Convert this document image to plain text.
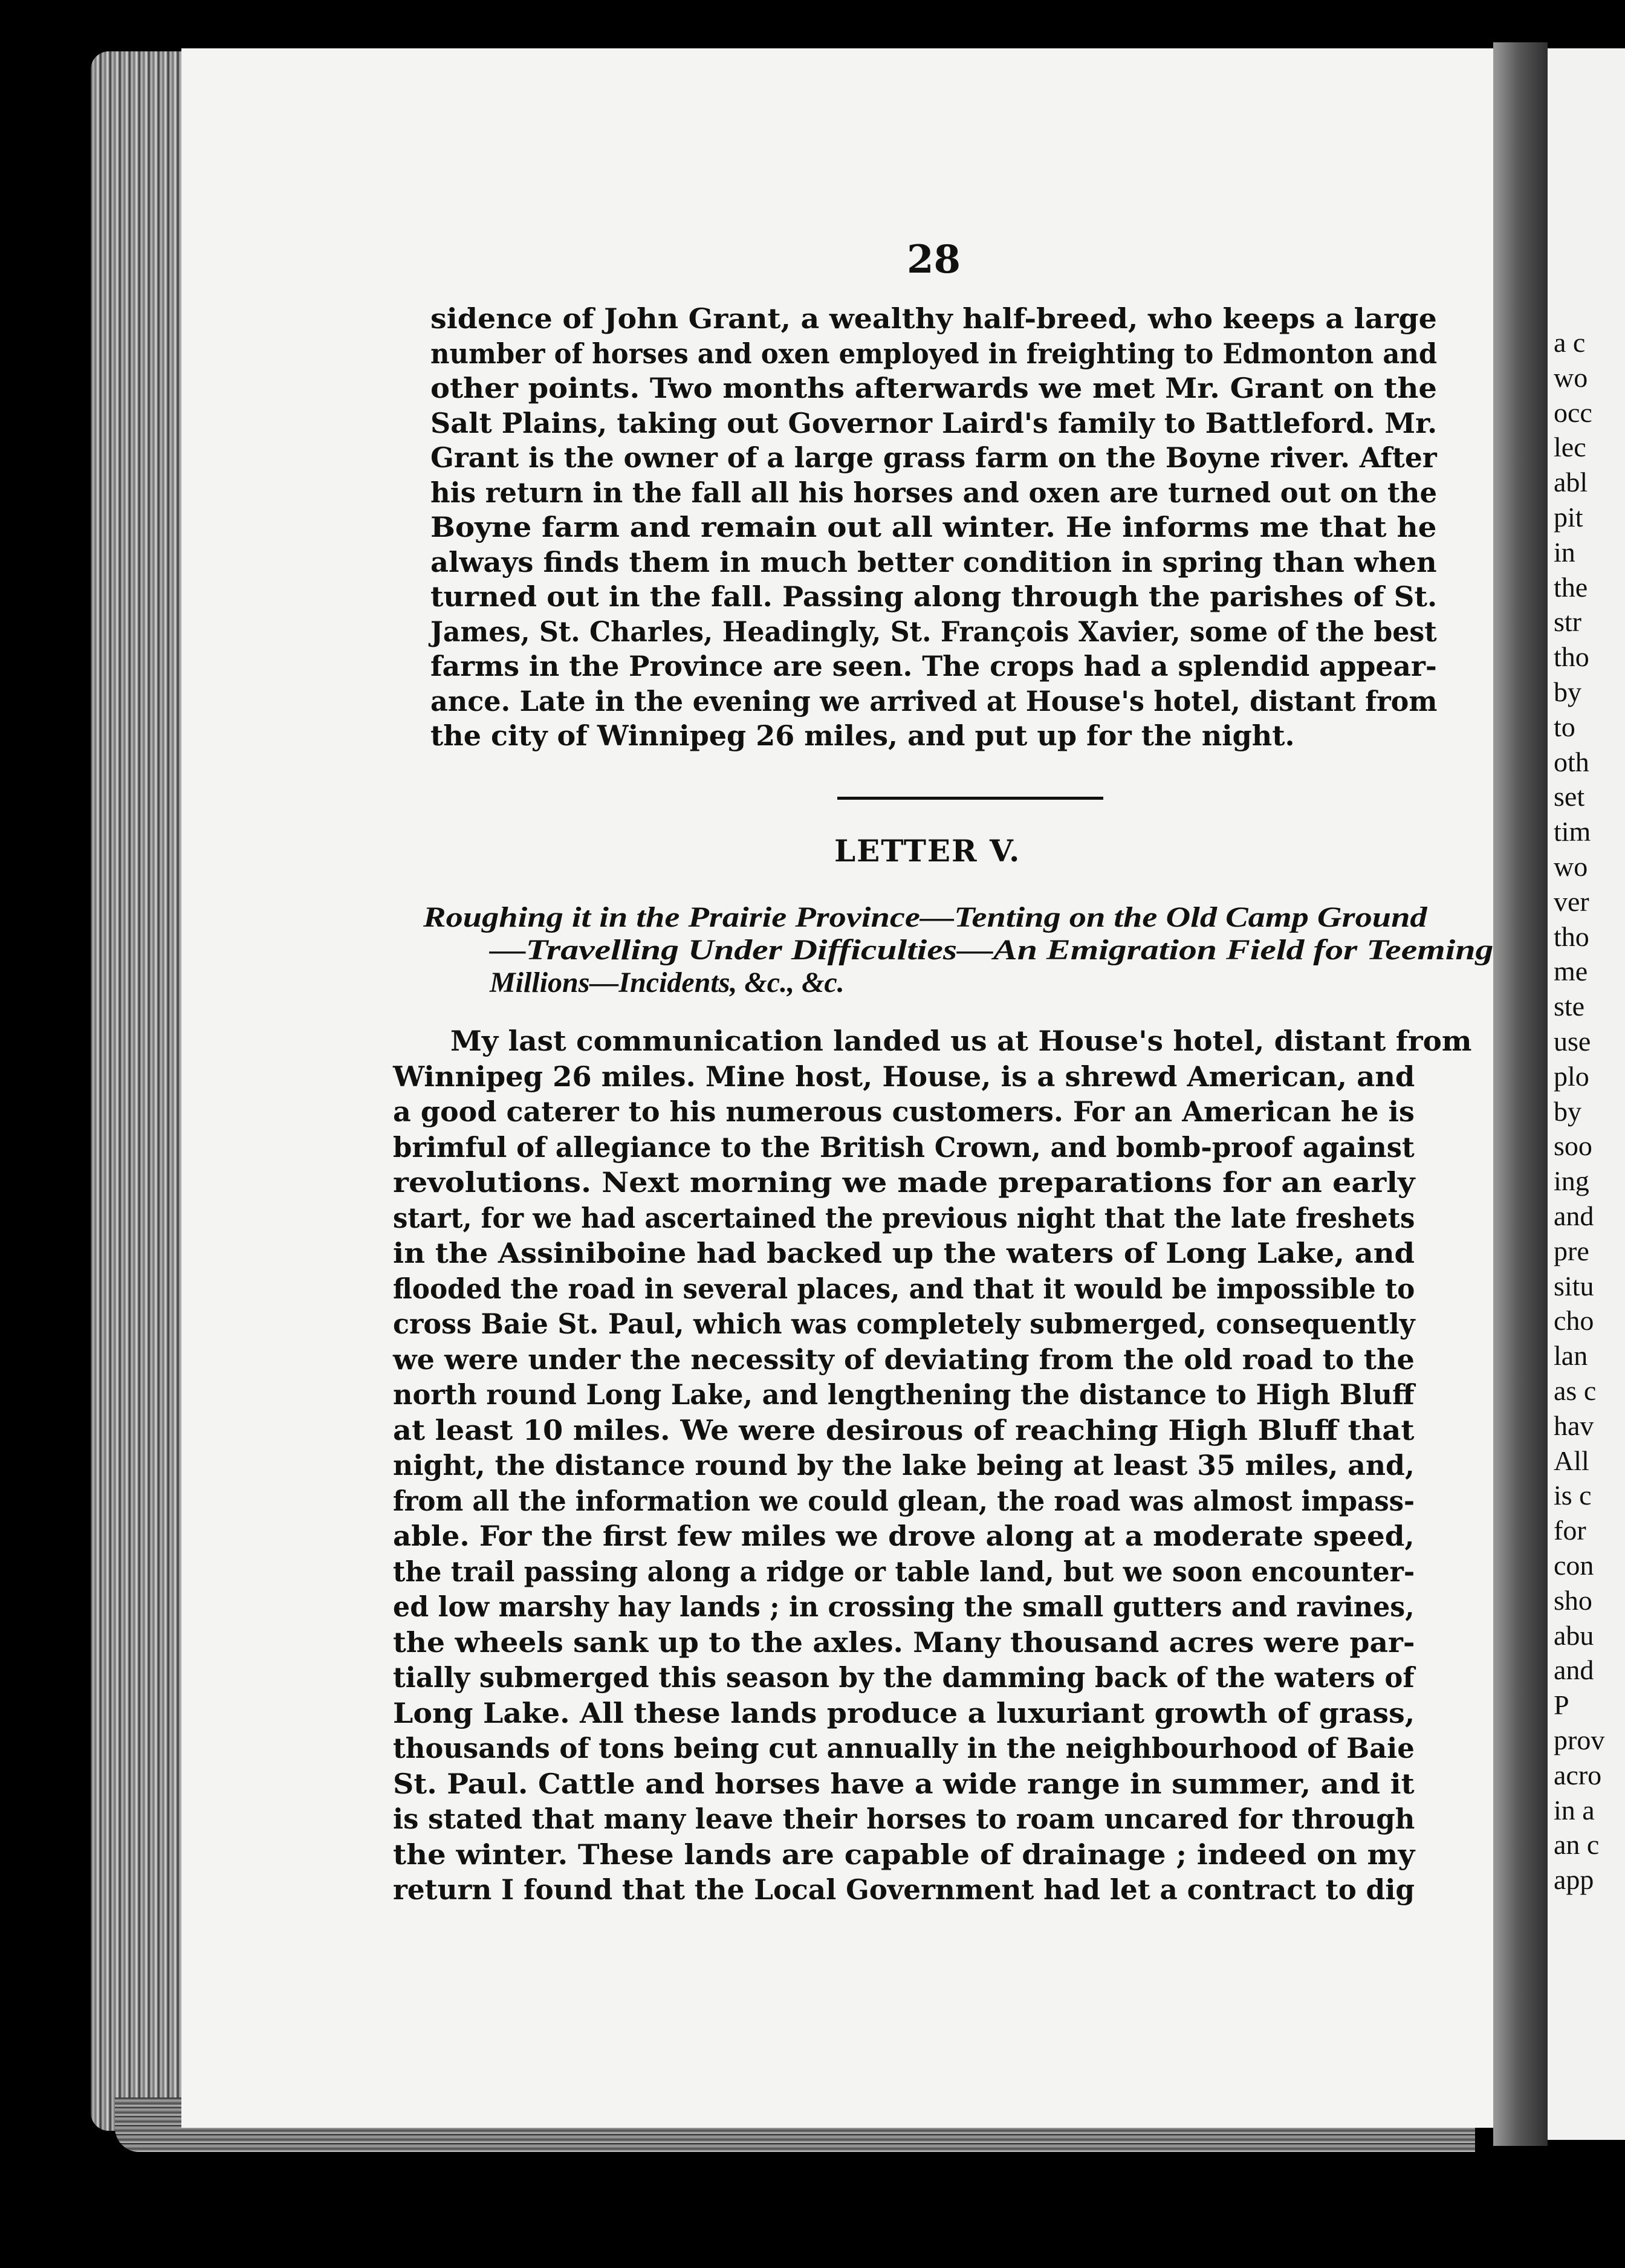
a c
wo
occ
lec
abl
pit
in
the
str
tho
by
to
oth
set
tim
wo
ver
tho
me
ste
use
plo
by
soo
ing
and
pre
situ
cho
lan
as c
hav
All
is c
for
con
sho
abu
and
P
prov
acro
in a
an c
app
28
sidence of John Grant, a wealthy half-breed, who keeps a large
number of horses and oxen employed in freighting to Edmonton and
other points. Two months afterwards we met Mr. Grant on the
Salt Plains, taking out Governor Laird's family to Battleford. Mr.
Grant is the owner of a large grass farm on the Boyne river. After
his return in the fall all his horses and oxen are turned out on the
Boyne farm and remain out all winter. He informs me that he
always finds them in much better condition in spring than when
turned out in the fall. Passing along through the parishes of St.
James, St. Charles, Headingly, St. François Xavier, some of the best
farms in the Province are seen. The crops had a splendid appear-
ance. Late in the evening we arrived at House's hotel, distant from
the city of Winnipeg 26 miles, and put up for the night.
LETTER V.
Roughing it in the Prairie Province—Tenting on the Old Camp Ground
—Travelling Under Difficulties—An Emigration Field for Teeming
Millions—Incidents, &c., &c.
My last communication landed us at House's hotel, distant from
Winnipeg 26 miles. Mine host, House, is a shrewd American, and
a good caterer to his numerous customers. For an American he is
brimful of allegiance to the British Crown, and bomb-proof against
revolutions. Next morning we made preparations for an early
start, for we had ascertained the previous night that the late freshets
in the Assiniboine had backed up the waters of Long Lake, and
flooded the road in several places, and that it would be impossible to
cross Baie St. Paul, which was completely submerged, consequently
we were under the necessity of deviating from the old road to the
north round Long Lake, and lengthening the distance to High Bluff
at least 10 miles. We were desirous of reaching High Bluff that
night, the distance round by the lake being at least 35 miles, and,
from all the information we could glean, the road was almost impass-
able. For the first few miles we drove along at a moderate speed,
the trail passing along a ridge or table land, but we soon encounter-
ed low marshy hay lands ; in crossing the small gutters and ravines,
the wheels sank up to the axles. Many thousand acres were par-
tially submerged this season by the damming back of the waters of
Long Lake. All these lands produce a luxuriant growth of grass,
thousands of tons being cut annually in the neighbourhood of Baie
St. Paul. Cattle and horses have a wide range in summer, and it
is stated that many leave their horses to roam uncared for through
the winter. These lands are capable of drainage ; indeed on my
return I found that the Local Government had let a contract to dig
